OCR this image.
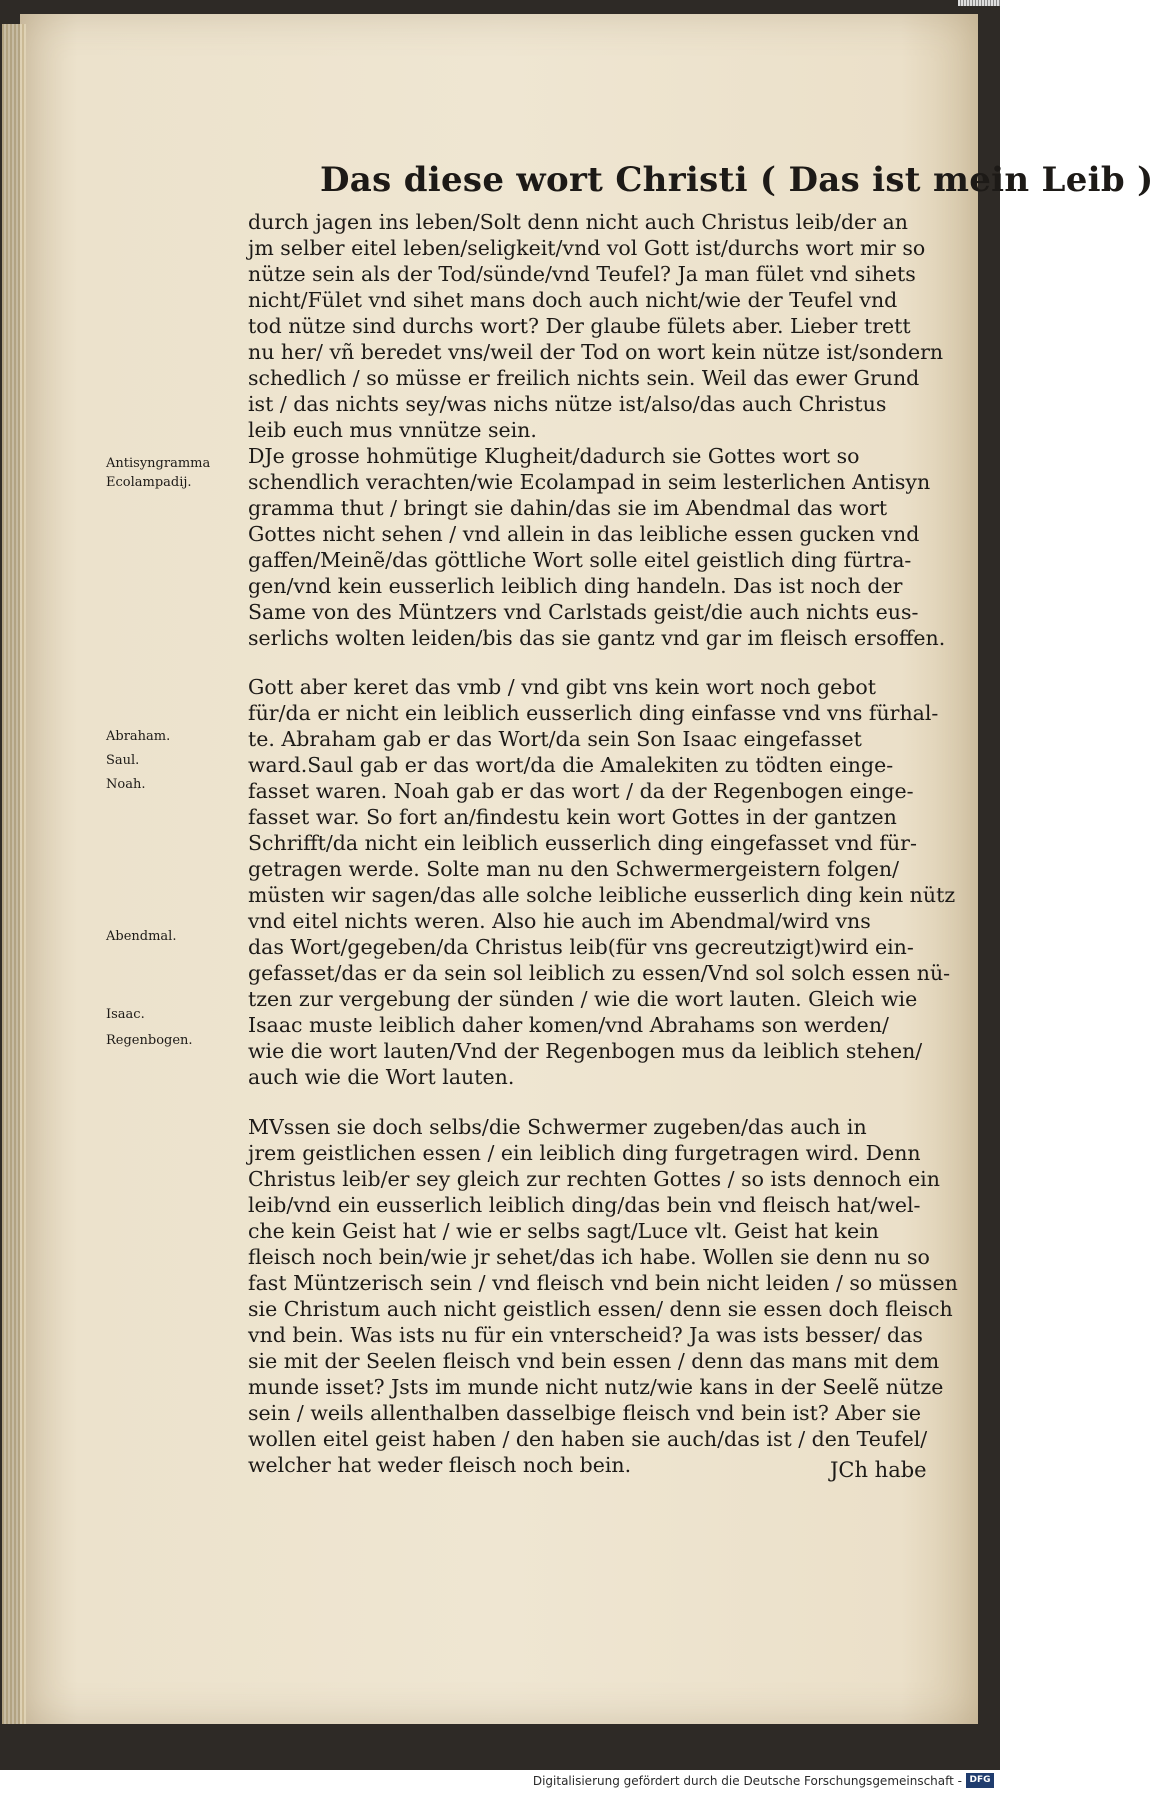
Das diese wort Christi ( Das ist mein Leib )
durch jagen ins leben/Solt denn nicht auch Christus leib/der an
jm selber eitel leben/seligkeit/vnd vol Gott ist/durchs wort mir so
nütze sein als der Tod/sünde/vnd Teufel? Ja man fület vnd sihets
nicht/Fület vnd sihet mans doch auch nicht/wie der Teufel vnd
tod nütze sind durchs wort? Der glaube fülets aber. Lieber trett
nu her/ vñ beredet vns/weil der Tod on wort kein nütze ist/sondern
schedlich / so müsse er freilich nichts sein. Weil das ewer Grund
ist / das nichts sey/was nichs nütze ist/also/das auch Christus
leib euch mus vnnütze sein.
DJe grosse hohmütige Klugheit/dadurch sie Gottes wort so
schendlich verachten/wie Ecolampad in seim lesterlichen Antisyn
gramma thut / bringt sie dahin/das sie im Abendmal das wort
Gottes nicht sehen / vnd allein in das leibliche essen gucken vnd
gaffen/Meinẽ/das göttliche Wort solle eitel geistlich ding fürtra-
gen/vnd kein eusserlich leiblich ding handeln. Das ist noch der
Same von des Müntzers vnd Carlstads geist/die auch nichts eus-
serlichs wolten leiden/bis das sie gantz vnd gar im fleisch ersoffen.
Gott aber keret das vmb / vnd gibt vns kein wort noch gebot
für/da er nicht ein leiblich eusserlich ding einfasse vnd vns fürhal-
te. Abraham gab er das Wort/da sein Son Isaac eingefasset
ward.Saul gab er das wort/da die Amalekiten zu tödten einge-
fasset waren. Noah gab er das wort / da der Regenbogen einge-
fasset war. So fort an/findestu kein wort Gottes in der gantzen
Schrifft/da nicht ein leiblich eusserlich ding eingefasset vnd für-
getragen werde. Solte man nu den Schwermergeistern folgen/
müsten wir sagen/das alle solche leibliche eusserlich ding kein nütz
vnd eitel nichts weren. Also hie auch im Abendmal/wird vns
das Wort/gegeben/da Christus leib(für vns gecreutzigt)wird ein-
gefasset/das er da sein sol leiblich zu essen/Vnd sol solch essen nü-
tzen zur vergebung der sünden / wie die wort lauten. Gleich wie
Isaac muste leiblich daher komen/vnd Abrahams son werden/
wie die wort lauten/Vnd der Regenbogen mus da leiblich stehen/
auch wie die Wort lauten.
MVssen sie doch selbs/die Schwermer zugeben/das auch in
jrem geistlichen essen / ein leiblich ding furgetragen wird. Denn
Christus leib/er sey gleich zur rechten Gottes / so ists dennoch ein
leib/vnd ein eusserlich leiblich ding/das bein vnd fleisch hat/wel-
che kein Geist hat / wie er selbs sagt/Luce vlt. Geist hat kein
fleisch noch bein/wie jr sehet/das ich habe. Wollen sie denn nu so
fast Müntzerisch sein / vnd fleisch vnd bein nicht leiden / so müssen
sie Christum auch nicht geistlich essen/ denn sie essen doch fleisch
vnd bein. Was ists nu für ein vnterscheid? Ja was ists besser/ das
sie mit der Seelen fleisch vnd bein essen / denn das mans mit dem
munde isset? Jsts im munde nicht nutz/wie kans in der Seelẽ nütze
sein / weils allenthalben dasselbige fleisch vnd bein ist? Aber sie
wollen eitel geist haben / den haben sie auch/das ist / den Teufel/
welcher hat weder fleisch noch bein.	JCh habe
Antisyngramma
Ecolampadij.
Abraham.
Saul.
Noah.
Abendmal.
Isaac.
Regenbogen.
Digitalisierung gefördert durch die Deutsche Forschungsgemeinschaft - DFG
